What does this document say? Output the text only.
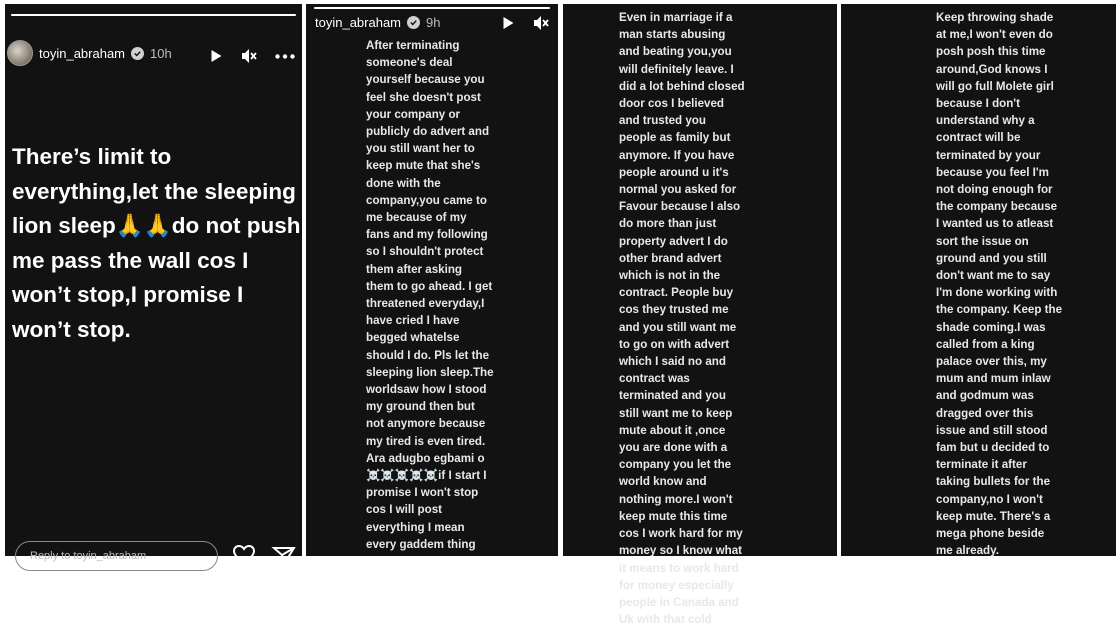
toyin_abraham 10h
There’s limit to everything,let the sleeping lion sleep🙏🙏do not push me pass the wall cos I won’t stop,I promise I won’t stop.
Reply to toyin_abraham
toyin_abraham 9h
After terminating
someone's deal
yourself because you
feel she doesn't post
your company or
publicly do advert and
you still want her to
keep mute that she's
done with the
company,you came to
me because of my
fans and my following
so I shouldn't protect
them after asking
them to go ahead. I get
threatened everyday,I
have cried I have
begged whatelse
should I do. Pls let the
sleeping lion sleep.The
worldsaw how I stood
my ground then but
not anymore because
my tired is even tired.
Ara adugbo egbami o
☠️☠️☠️☠️☠️if I start I
promise I won't stop
cos I will post
everything I mean
every gaddem thing
Even in marriage if a
man starts abusing
and beating you,you
will definitely leave. I
did a lot behind closed
door cos I believed
and trusted you
people as family but
anymore. If you have
people around u it's
normal you asked for
Favour because I also
do more than just
property advert I do
other brand advert
which is not in the
contract. People buy
cos they trusted me
and you still want me
to go on with advert
which I said no and
contract was
terminated and you
still want me to keep
mute about it ,once
you are done with a
company you let the
world know and
nothing more.I won't
keep mute this time
cos I work hard for my
money so I know what
it means to work hard
for money especially
people in Canada and
Uk with that cold
Keep throwing shade
at me,I won't even do
posh posh this time
around,God knows I
will go full Molete girl
because I don't
understand why a
contract will be
terminated by your
because you feel I'm
not doing enough for
the company because
I wanted us to atleast
sort the issue on
ground and you still
don't want me to say
I'm done working with
the company. Keep the
shade coming.I was
called from a king
palace over this, my
mum and mum inlaw
and godmum was
dragged over this
issue and still stood
fam but u decided to
terminate it after
taking bullets for the
company,no I won't
keep mute. There's a
mega phone beside
me already.
